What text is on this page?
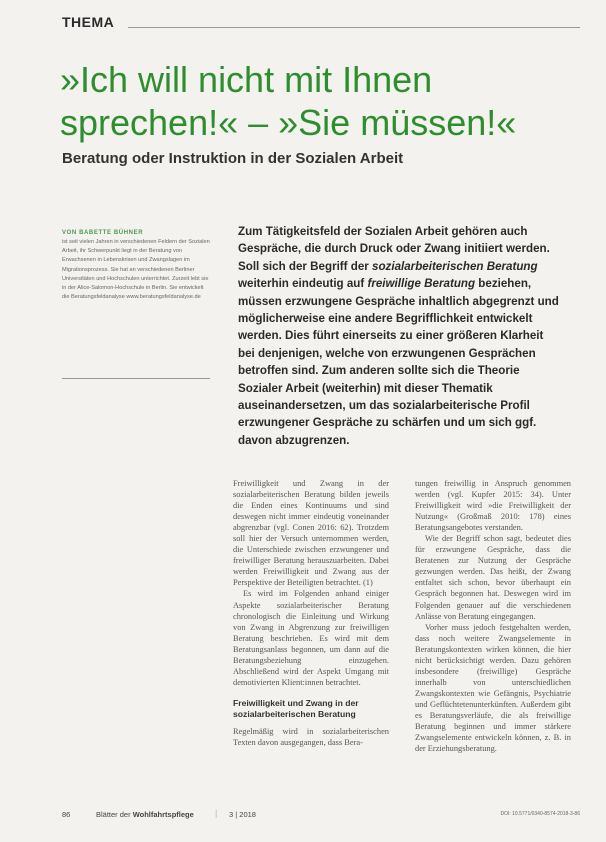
THEMA
»Ich will nicht mit Ihnen
sprechen!« – »Sie müssen!«
Beratung oder Instruktion in der Sozialen Arbeit
VON BABETTE BÜHNER
ist seit vielen Jahren in verschiedenen Feldern der Sozialen Arbeit, ihr Schwerpunkt liegt in der Beratung von Erwachsenen in Lebenskrisen und Zwangslagen im Migrationsprozess. Sie hat an verschiedenen Berliner Universitäten und Hochschulen unterrichtet. Zurzeit lebt sie in der Alice-Salomon-Hochschule in Berlin. Sie entwickelt die Beratungsfeldanalyse www.beratungsfeldanalyse.de

Zum Tätigkeitsfeld der Sozialen Arbeit gehören auch Gespräche, die durch Druck oder Zwang initiiert werden. Soll sich der Begriff der sozialarbeiterischen Beratung weiterhin eindeutig auf freiwillige Beratung beziehen, müssen erzwungene Gespräche inhaltlich abgegrenzt und möglicherweise eine andere Begrifflichkeit entwickelt werden. Dies führt einerseits zu einer größeren Klarheit bei denjenigen, welche von erzwungenen Gesprächen betroffen sind. Zum anderen sollte sich die Theorie Sozialer Arbeit (weiterhin) mit dieser Thematik auseinandersetzen, um das sozialarbeiterische Profil erzwungener Gespräche zu schärfen und um sich ggf. davon abzugrenzen.

Freiwilligkeit und Zwang in der sozialarbeiterischen Beratung bilden jeweils die Enden eines Kontinuums und sind deswegen nicht immer eindeutig voneinander abgrenzbar (vgl. Conen 2016: 62). Trotzdem soll hier der Versuch unternommen werden, die Unterschiede zwischen erzwungener und freiwilliger Beratung herauszuarbeiten. Dabei werden Freiwilligkeit und Zwang aus der Perspektive der Beteiligten betrachtet. (1)

Es wird im Folgenden anhand einiger Aspekte sozialarbeiterischer Beratung chronologisch die Einleitung und Wirkung von Zwang in Abgrenzung zur freiwilligen Beratung beschrieben. Es wird mit dem Beratungsanlass begonnen, um dann auf die Beratungsbeziehung einzugehen. Abschließend wird der Aspekt Umgang mit demotivierten Klient:innen betrachtet.

Freiwilligkeit und Zwang in der sozialarbeiterischen Beratung

Regelmäßig wird in sozialarbeiterischen Texten davon ausgegangen, dass Bera-

tungen freiwillig in Anspruch genommen werden (vgl. Kupfer 2015: 34). Unter Freiwilligkeit wird »die Freiwilligkeit der Nutzung« (Großmaß 2010: 178) eines Beratungsangebotes verstanden.

Wie der Begriff schon sagt, bedeutet dies für erzwungene Gespräche, dass die Beratenen zur Nutzung der Gespräche gezwungen werden. Das heißt, der Zwang entfaltet sich schon, bevor überhaupt ein Gespräch begonnen hat. Deswegen wird im Folgenden genauer auf die verschiedenen Anlässe von Beratung eingegangen.

Vorher muss jedoch festgehalten werden, dass noch weitere Zwangselemente in Beratungskontexten wirken können, die hier nicht berücksichtigt werden. Dazu gehören insbesondere (freiwillige) Gespräche innerhalb von unterschiedlichen Zwangskontexten wie Gefängnis, Psychiatrie und Geflüchtetenunterkünften. Außerdem gibt es Beratungsverläufe, die als freiwillige Beratung beginnen und immer stärkere Zwangselemente entwickeln können, z. B. in der Erziehungsberatung.

86	Blätter der Wohlfahrtspflege | 3 | 2018	DOI: 10.5771/0340-8574-2018-3-86
